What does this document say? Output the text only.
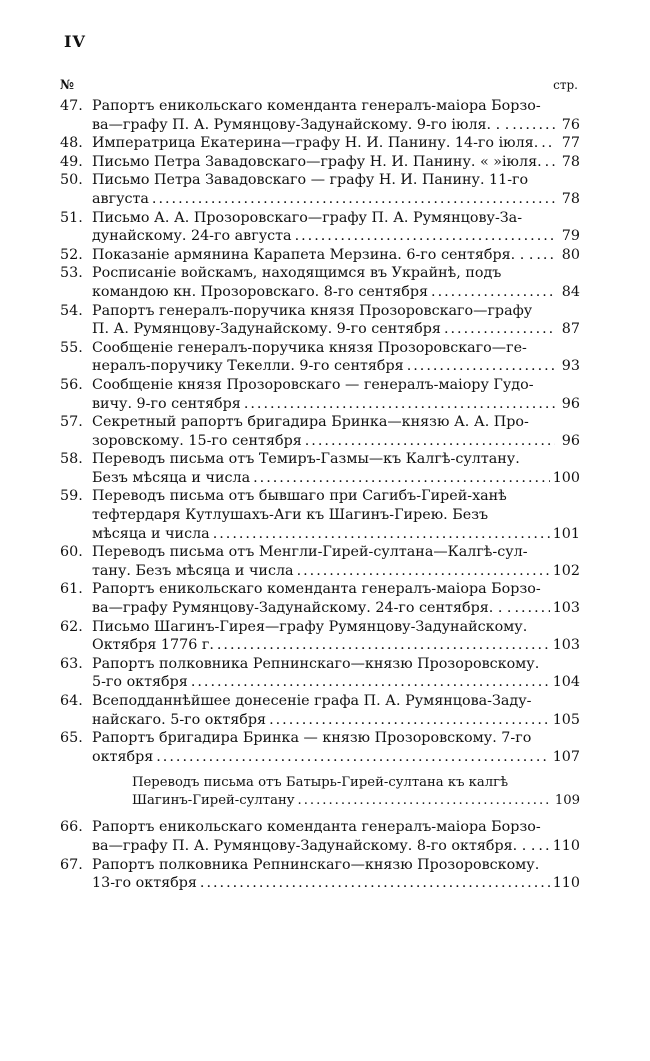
IV
№	стр.
47. Рапортъ еникольскаго коменданта генералъ-маіора Борзо-
ва—графу П. А. Румянцову-Задунайскому. 9-го іюля. . . .....	76
48. Императрица Екатерина—графу Н. И. Панину. 14-го іюля. ..... 77
49. Письмо Петра Завадовскаго—графу Н. И. Панину. « »іюля. ..... 78
50. Письмо Петра Завадовскаго — графу Н. И. Панину. 11-го
августа .....	78
51. Письмо А. А. Прозоровскаго—графу П. А. Румянцову-За-
дунайскому. 24-го августа .....	79
52. Показаніе армянина Карапета Мерзина. 6-го сентября. . . ..... 80
53. Росписаніе войскамъ, находящимся въ Украйнѣ, подъ
командою кн. Прозоровскаго. 8-го сентября .....	84
54. Рапортъ генералъ-поручика князя Прозоровскаго—графу
П. А. Румянцову-Задунайскому. 9-го сентября .....	87
55. Сообщеніе генералъ-поручика князя Прозоровскаго—ге-
нералъ-поручику Текелли. 9-го сентября .....	93
56. Сообщеніе князя Прозоровскаго — генералъ-маіору Гудо-
вичу. 9-го сентября .....	96
57. Секретный рапортъ бригадира Бринка—князю А. А. Про-
зоровскому. 15-го сентября .....	96
58. Переводъ письма отъ Темиръ-Газмы—къ Калгѣ-султану.
Безъ мѣсяца и числа .....	100
59. Переводъ письма отъ бывшаго при Сагибъ-Гирей-ханѣ
тефтердаря Кутлушахъ-Аги къ Шагинъ-Гирею. Безъ
мѣсяца и числа .....	101
60. Переводъ письма отъ Менгли-Гирей-султана—Калгѣ-сул-
тану. Безъ мѣсяца и числа .....	102
61. Рапортъ еникольскаго коменданта генералъ-маіора Борзо-
ва—графу Румянцову-Задунайскому. 24-го сентября. . . .....	103
62. Письмо Шагинъ-Гирея—графу Румянцову-Задунайскому.
Октября 1776 г. .....	103
63. Рапортъ полковника Репнинскаго—князю Прозоровскому.
5-го октября .....	104
64. Всеподданнѣйшее донесеніе графа П. А. Румянцова-Заду-
найскаго. 5-го октября .....	105
65. Рапортъ бригадира Бринка — князю Прозоровскому. 7-го
октября .....	107
Переводъ письма отъ Батырь-Гирей-султана къ калгѣ
Шагинъ-Гирей-султану .....	109
66. Рапортъ еникольскаго коменданта генералъ-маіора Борзо-
ва—графу П. А. Румянцову-Задунайскому. 8-го октября. . . ..... 110
67. Рапортъ полковника Репнинскаго—князю Прозоровскому.
13-го октября .....	110
